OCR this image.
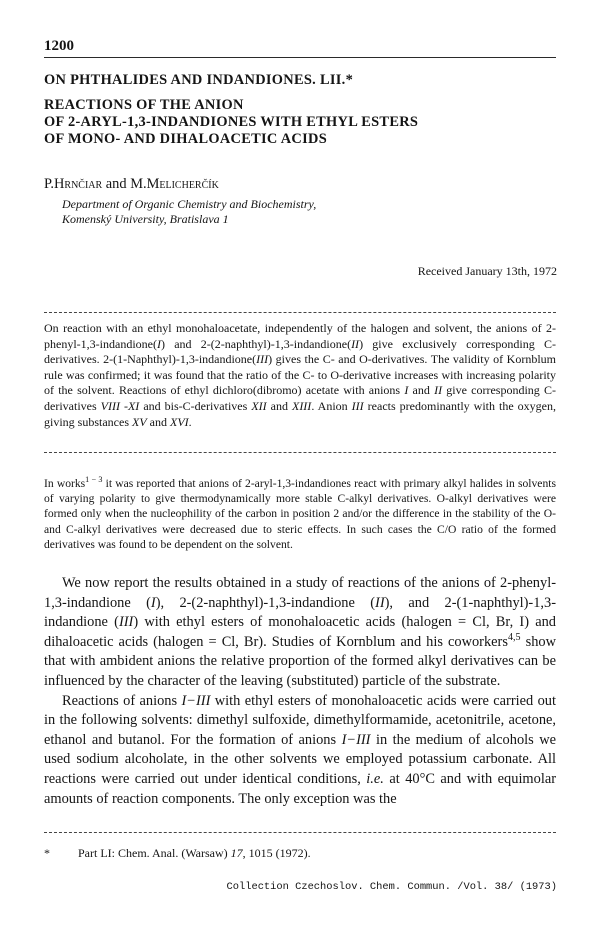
1200
ON PHTHALIDES AND INDANDIONES. LII.*
REACTIONS OF THE ANION
OF 2-ARYL-1,3-INDANDIONES WITH ETHYL ESTERS
OF MONO- AND DIHALOACETIC ACIDS
P.Hrnčiar and M.Melicherčík
Department of Organic Chemistry and Biochemistry,
Komenský University, Bratislava 1
Received January 13th, 1972
On reaction with an ethyl monohaloacetate, independently of the halogen and solvent, the anions of 2-phenyl-1,3-indandione(I) and 2-(2-naphthyl)-1,3-indandione(II) give exclusively corresponding C-derivatives. 2-(1-Naphthyl)-1,3-indandione(III) gives the C- and O-derivatives. The validity of Kornblum rule was confirmed; it was found that the ratio of the C- to O-derivative increases with increasing polarity of the solvent. Reactions of ethyl dichloro(dibromo) acetate with anions I and II give corresponding C-derivatives VIII -XI and bis-C-derivatives XII and XIII. Anion III reacts predominantly with the oxygen, giving substances XV and XVI.
In works$^{1 - 3}$ it was reported that anions of 2-aryl-1,3-indandiones react with primary alkyl halides in solvents of varying polarity to give thermodynamically more stable C-alkyl derivatives. O-alkyl derivatives were formed only when the nucleophility of the carbon in position 2 and/or the difference in the stability of the O- and C-alkyl derivatives were decreased due to steric effects. In such cases the C/O ratio of the formed derivatives was found to be dependent on the solvent.

We now report the results obtained in a study of reactions of the anions of 2-phenyl-1,3-indandione (I), 2-(2-naphthyl)-1,3-indandione (II), and 2-(1-naphthyl)-1,3-indandione (III) with ethyl esters of monohaloacetic acids (halogen = Cl, Br, I) and dihaloacetic acids (halogen = Cl, Br). Studies of Kornblum and his coworkers$^{4,5}$ show that with ambident anions the relative proportion of the formed alkyl derivatives can be influenced by the character of the leaving (substituted) particle of the substrate.

Reactions of anions I−III with ethyl esters of monohaloacetic acids were carried out in the following solvents: dimethyl sulfoxide, dimethylformamide, acetonitrile, acetone, ethanol and butanol. For the formation of anions I−III in the medium of alcohols we used sodium alcoholate, in the other solvents we employed potassium carbonate. All reactions were carried out under identical conditions, i.e. at 40°C and with equimolar amounts of reaction components. The only exception was the

* Part LI: Chem. Anal. (Warsaw) 17, 1015 (1972).
Collection Czechoslov. Chem. Commun. /Vol. 38/ (1973)
